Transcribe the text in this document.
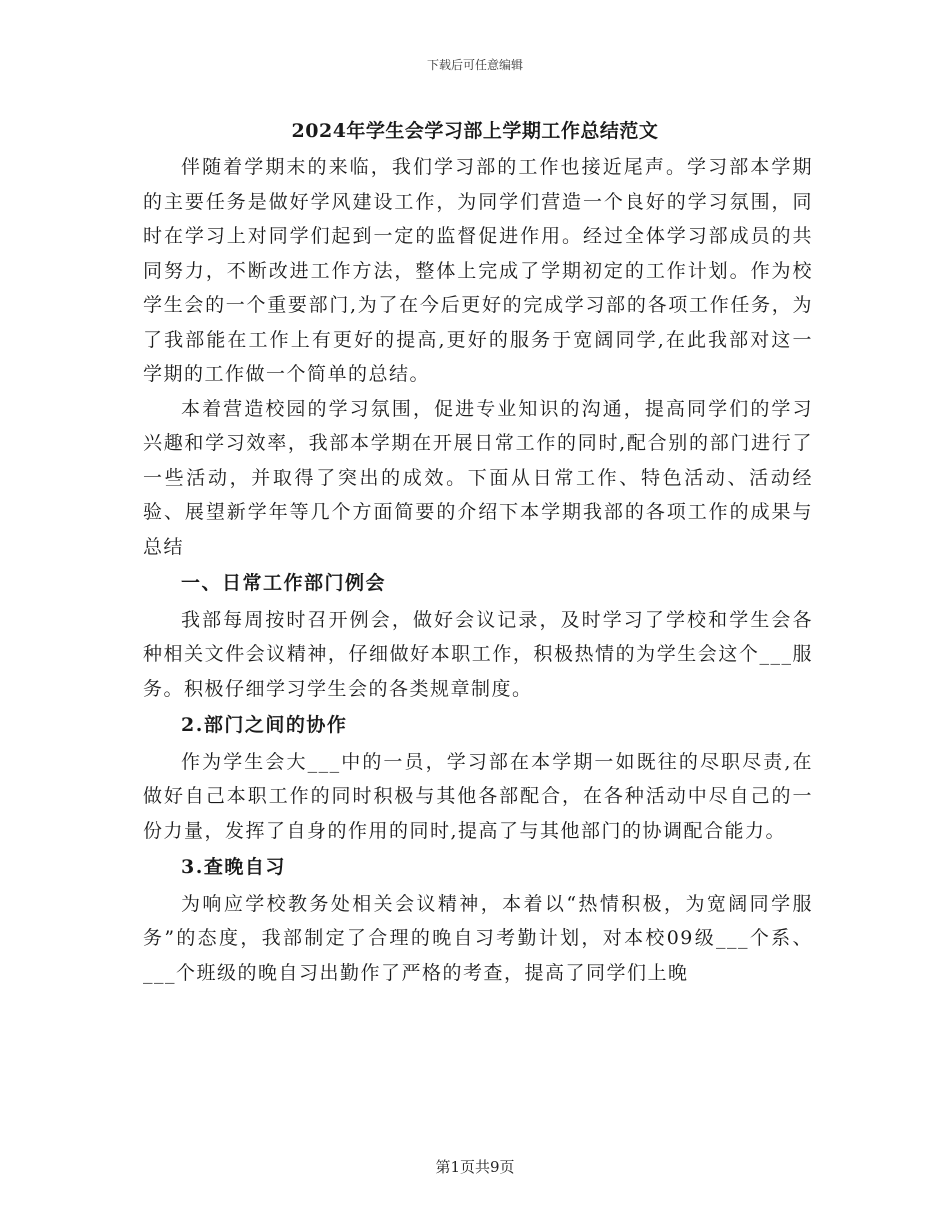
下载后可任意编辑
2024年学生会学习部上学期工作总结范文

伴随着学期末的来临，我们学习部的工作也接近尾声。学习部本学期的主要任务是做好学风建设工作，为同学们营造一个良好的学习氛围，同时在学习上对同学们起到一定的监督促进作用。经过全体学习部成员的共同努力，不断改进工作方法，整体上完成了学期初定的工作计划。作为校学生会的一个重要部门,为了在今后更好的完成学习部的各项工作任务，为了我部能在工作上有更好的提高,更好的服务于宽阔同学,在此我部对这一学期的工作做一个简单的总结。

本着营造校园的学习氛围，促进专业知识的沟通，提高同学们的学习兴趣和学习效率，我部本学期在开展日常工作的同时,配合别的部门进行了一些活动，并取得了突出的成效。下面从日常工作、特色活动、活动经验、展望新学年等几个方面简要的介绍下本学期我部的各项工作的成果与总结

一、日常工作部门例会

我部每周按时召开例会，做好会议记录，及时学习了学校和学生会各种相关文件会议精神，仔细做好本职工作，积极热情的为学生会这个___服务。积极仔细学习学生会的各类规章制度。

2.部门之间的协作

作为学生会大___中的一员，学习部在本学期一如既往的尽职尽责,在做好自己本职工作的同时积极与其他各部配合，在各种活动中尽自己的一份力量，发挥了自身的作用的同时,提高了与其他部门的协调配合能力。

3.查晚自习

为响应学校教务处相关会议精神，本着以“热情积极，为宽阔同学服务”的态度，我部制定了合理的晚自习考勤计划，对本校09级___个系、___个班级的晚自习出勤作了严格的考查，提高了同学们上晚

第1页共9页
